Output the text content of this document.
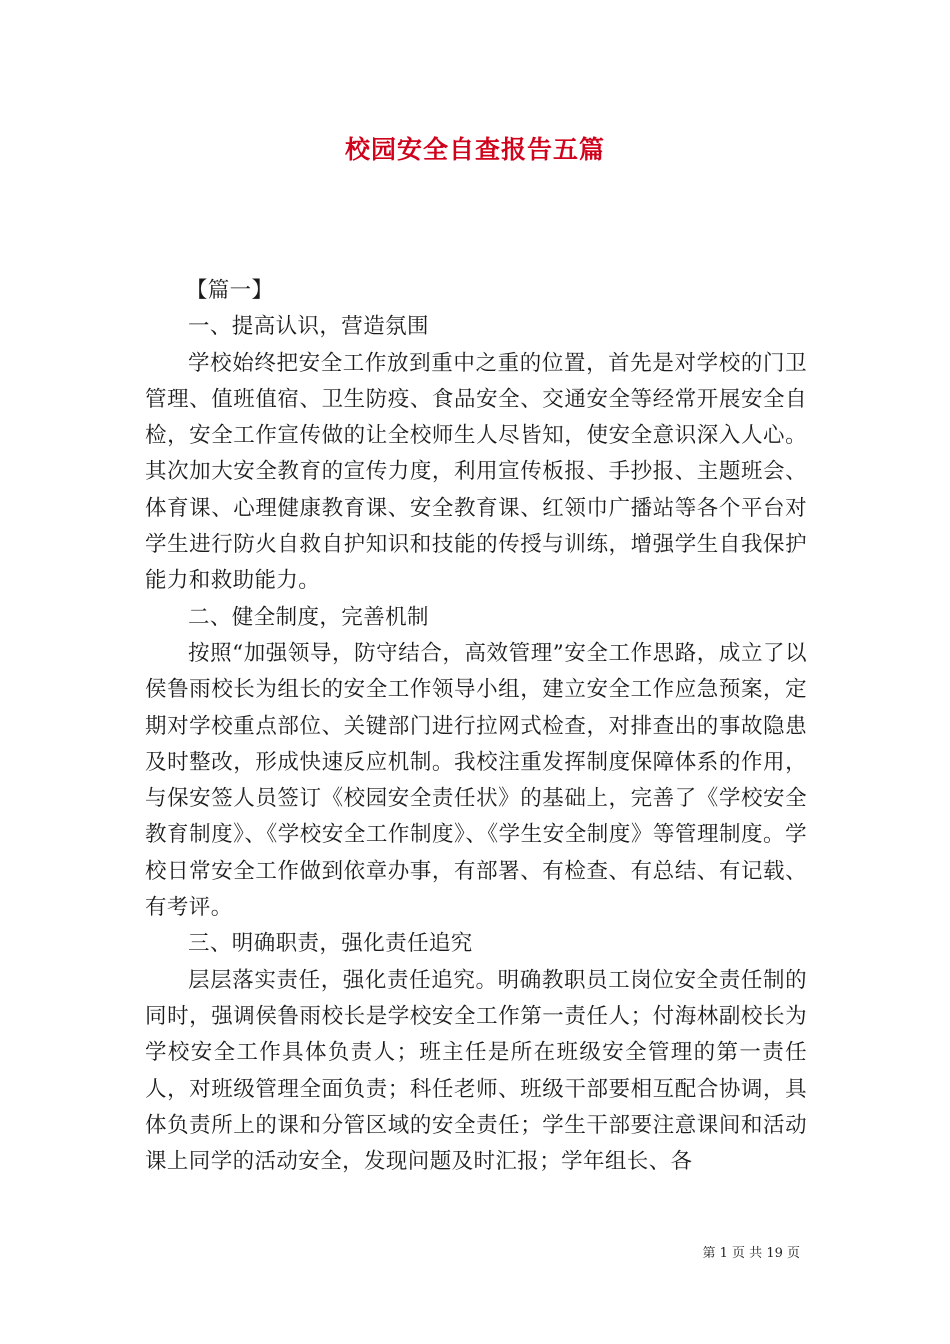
校园安全自查报告五篇

【篇一】

一、提高认识，营造氛围

学校始终把安全工作放到重中之重的位置，首先是对学校的门卫管理、值班值宿、卫生防疫、食品安全、交通安全等经常开展安全自检，安全工作宣传做的让全校师生人尽皆知，使安全意识深入人心。其次加大安全教育的宣传力度，利用宣传板报、手抄报、主题班会、体育课、心理健康教育课、安全教育课、红领巾广播站等各个平台对学生进行防火自救自护知识和技能的传授与训练，增强学生自我保护能力和救助能力。

二、健全制度，完善机制

按照“加强领导，防守结合，高效管理”安全工作思路，成立了以侯鲁雨校长为组长的安全工作领导小组，建立安全工作应急预案，定期对学校重点部位、关键部门进行拉网式检查，对排查出的事故隐患及时整改，形成快速反应机制。我校注重发挥制度保障体系的作用，与保安签人员签订《校园安全责任状》的基础上，完善了《学校安全教育制度》、《学校安全工作制度》、《学生安全制度》等管理制度。学校日常安全工作做到依章办事，有部署、有检查、有总结、有记载、有考评。

三、明确职责，强化责任追究

层层落实责任，强化责任追究。明确教职员工岗位安全责任制的同时，强调侯鲁雨校长是学校安全工作第一责任人；付海林副校长为学校安全工作具体负责人；班主任是所在班级安全管理的第一责任人，对班级管理全面负责；科任老师、班级干部要相互配合协调，具体负责所上的课和分管区域的安全责任；学生干部要注意课间和活动课上同学的活动安全，发现问题及时汇报；学年组长、各

第 1 页 共 19 页
